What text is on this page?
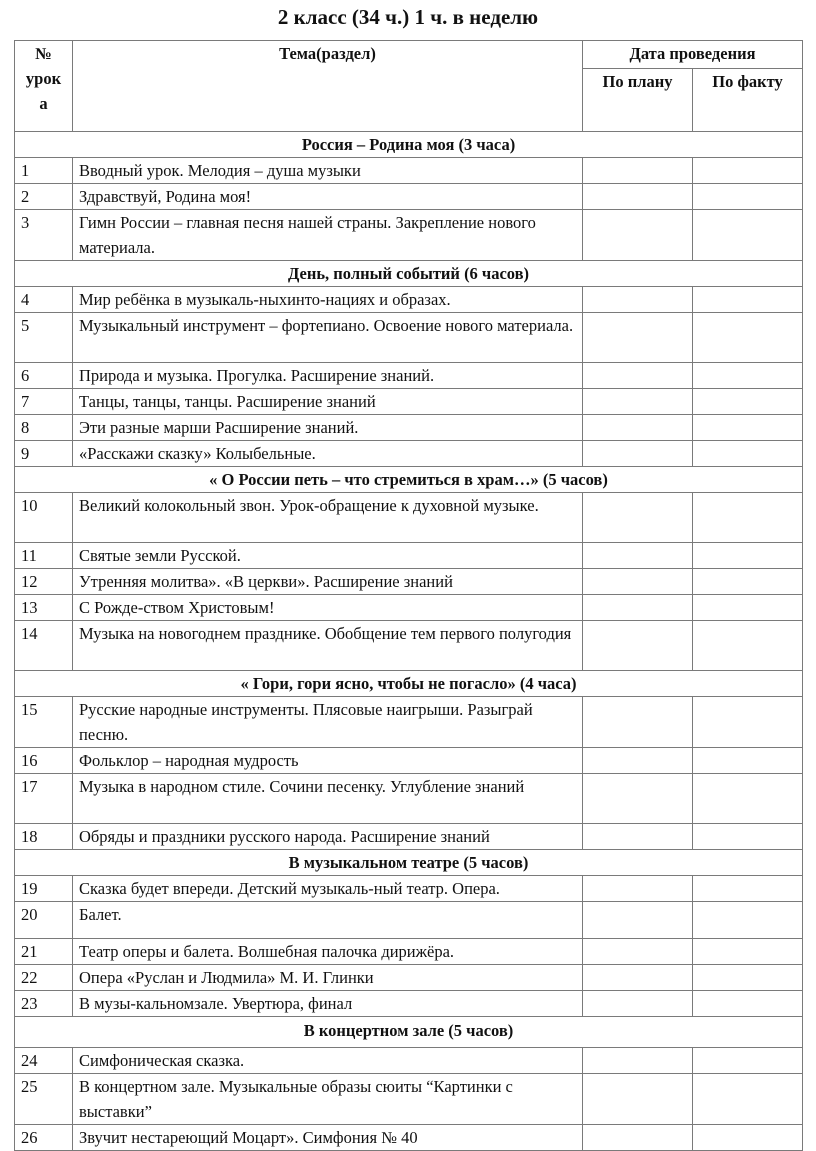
2 класс (34 ч.) 1 ч. в неделю
№
урок
а	Тема(раздел)	Дата проведения	
		По плану	По факту
Россия – Родина моя (3 часа)			
1	Вводный урок. Мелодия – душа музыки		
2	Здравствуй, Родина моя!		
3	Гимн России – главная песня нашей страны. Закрепление нового материала.		
День, полный событий (6 часов)			
4	Мир ребёнка в музыкаль-ныхинто-нациях и образах.		
5	Музыкальный инструмент – фортепиано. Освоение нового материала.		
6	Природа и музыка. Прогулка. Расширение знаний.		
7	Танцы, танцы, танцы. Расширение знаний		
8	Эти разные марши Расширение знаний.		
9	«Расскажи сказку» Колыбельные.		
« О России петь – что стремиться в храм…» (5 часов)			
10	Великий колокольный звон. Урок-обращение к духовной музыке.		
11	Святые земли Русской.		
12	Утренняя молитва». «В церкви». Расширение знаний		
13	С Рожде-ством Христовым!		
14	Музыка на новогоднем празднике. Обобщение тем первого полугодия		
« Гори, гори ясно, чтобы не погасло» (4 часа)			
15	Русские народные инструменты. Плясовые наигрыши. Разыграй песню.		
16	Фольклор – народная мудрость		
17	Музыка в народном стиле. Сочини песенку. Углубление знаний		
18	Обряды и праздники русского народа. Расширение знаний		
В музыкальном театре (5 часов)			
19	Сказка будет впереди. Детский музыкаль-ный театр. Опера.		
20	Балет.		
21	Театр оперы и балета. Волшебная палочка дирижёра.		
22	Опера «Руслан и Людмила» М. И. Глинки		
23	В музы-кальномзале. Увертюра, финал		
В концертном зале (5 часов)			
24	Симфоническая сказка.		
25	В концертном зале. Музыкальные образы сюиты “Картинки с выставки”		
26	Звучит нестареющий Моцарт». Симфония № 40		
